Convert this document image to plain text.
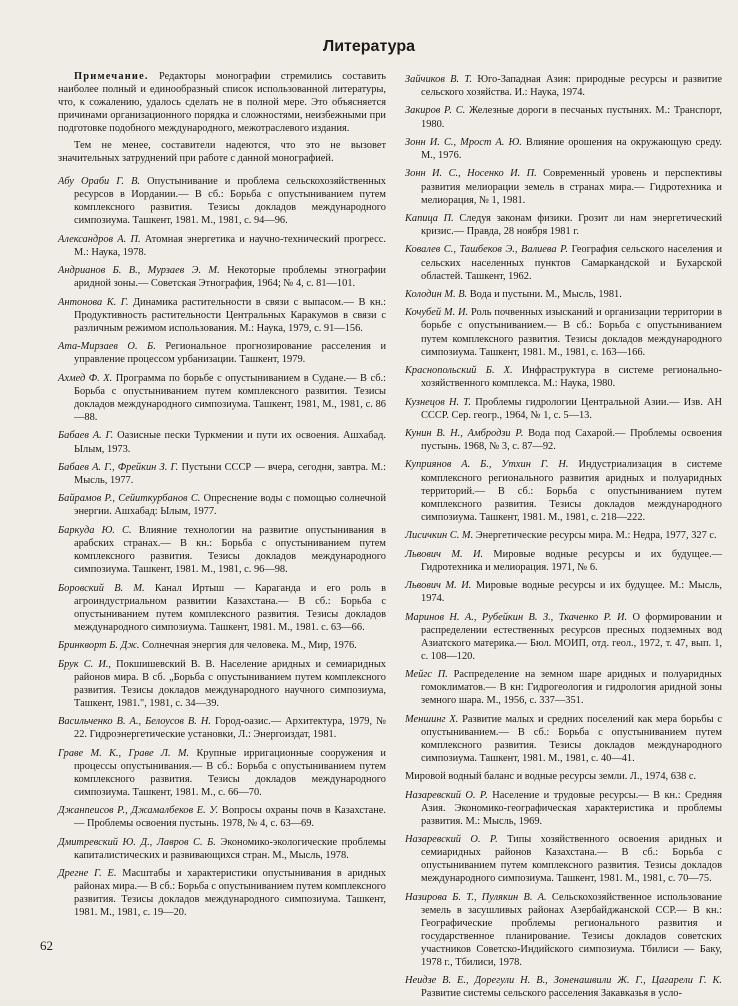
Литература

Примечание. Редакторы монографии стремились составить наиболее полный и единообразный список использованной литературы, что, к сожалению, удалось сделать не в полной мере. Это объясняется причинами организационного порядка и сложностями, неизбежными при подготовке подобного международного, межотраслевого издания.

Тем не менее, составители надеются, что это не вызовет значительных затруднений при работе с данной монографией.

Абу Ораби Г. В. Опустынивание и проблема сельскохозяйственных ресурсов в Иордании.— В сб.: Борьба с опустыниванием путем комплексного развития. Тезисы докладов международного симпозиума. Ташкент, 1981. М., 1981, с. 94—96.

Александров А. П. Атомная энергетика и научно-технический прогресс. М.: Наука, 1978.

Андрианов Б. В., Мурзаев Э. М. Некоторые проблемы этнографии аридной зоны.— Советская Этнография, 1964; № 4, с. 81—101.

Антонова К. Г. Динамика растительности в связи с выпасом.— В кн.: Продуктивность растительности Центральных Каракумов в связи с различным режимом использования. М.: Наука, 1979, с. 91—156.

Ата-Мирзаев О. Б. Региональное прогнозирование расселения и управление процессом урбанизации. Ташкент, 1979.

Ахмед Ф. Х. Программа по борьбе с опустыниванием в Судане.— В сб.: Борьба с опустыниванием путем комплексного развития. Тезисы докладов международного симпозиума. Ташкент, 1981, М., 1981, с. 86—88.

Бабаев А. Г. Оазисные пески Туркмении и пути их освоения. Ашхабад. Ылым, 1973.

Бабаев А. Г., Фрейкин З. Г. Пустыни СССР — вчера, сегодня, завтра. М.: Мысль, 1977.

Байрамов Р., Сейиткурбанов С. Опреснение воды с помощью солнечной энергии. Ашхабад: Ылым, 1977.

Баркуда Ю. С. Влияние технологии на развитие опустынивания в арабских странах.— В кн.: Борьба с опустыниванием путем комплексного развития. Тезисы докладов международного симпозиума. Ташкент, 1981. М., 1981, с. 96—98.

Боровский В. М. Канал Иртыш — Караганда и его роль в агроиндустриальном развитии Казахстана.— В сб.: Борьба с опустыниванием путем комплексного развития. Тезисы докладов международного симпозиума. Ташкент, 1981. М., 1981. с. 63—66.

Бринкворт Б. Дж. Солнечная энергия для человека. М., Мир, 1976.

Брук С. И., Покшишевский В. В. Население аридных и семиаридных районов мира. В сб. „Борьба с опустыниванием путем комплексного развития. Тезисы докладов международного научного симпозиума, Ташкент, 1981.", 1981, с. 34—39.

Васильченко В. А., Белоусов В. Н. Город-оазис.— Архитектура, 1979, № 22. Гидроэнергетические установки, Л.: Энергоиздат, 1981.

Граве М. К., Граве Л. М. Крупные ирригационные сооружения и процессы опустынивания.— В сб.: Борьба с опустыниванием путем комплексного развития. Тезисы докладов международного симпозиума. Ташкент, 1981. М., с. 66—70.

Джанпеисов Р., Джамалбеков Е. У. Вопросы охраны почв в Казахстане.— Проблемы освоения пустынь. 1978, № 4, с. 63—69.

Дмитревский Ю. Д., Лавров С. Б. Экономико-экологические проблемы капиталистических и развивающихся стран. М., Мысль, 1978.

Дрегне Г. Е. Масштабы и характеристики опустынивания в аридных районах мира.— В сб.: Борьба с опустыниванием путем комплексного развития. Тезисы докладов международного симпозиума. Ташкент, 1981. М., 1981, с. 19—20.

Зайчиков В. Т. Юго-Западная Азия: природные ресурсы и развитие сельского хозяйства. И.: Наука, 1974.

Закиров Р. С. Железные дороги в песчаных пустынях. М.: Транспорт, 1980.

Зонн И. С., Мрост А. Ю. Влияние орошения на окружающую среду. М., 1976.

Зонн И. С., Носенко И. П. Современный уровень и перспективы развития мелиорации земель в странах мира.— Гидротехника и мелиорация, № 1, 1981.

Капица П. Следуя законам физики. Грозит ли нам энергетический кризис.— Правда, 28 ноября 1981 г.

Ковалев С., Ташбеков Э., Валиева Р. География сельского населения и сельских населенных пунктов Самаркандской и Бухарской областей. Ташкент, 1962.

Колодин М. В. Вода и пустыни. М., Мысль, 1981.

Кочубей М. И. Роль почвенных изысканий и организации территории в борьбе с опустыниванием.— В сб.: Борьба с опустыниванием путем комплексного развития. Тезисы докладов международного симпозиума. Ташкент, 1981. М., 1981, с. 163—166.

Краснопольский Б. Х. Инфраструктура в системе регионально-хозяйственного комплекса. М.: Наука, 1980.

Кузнецов Н. Т. Проблемы гидрологии Центральной Азии.— Изв. АН СССР. Сер. геогр., 1964, № 1, с. 5—13.

Кунин В. Н., Амбродзи Р. Вода под Сахарой.— Проблемы освоения пустынь. 1968, № 3, с. 87—92.

Куприянов А. Б., Утхин Г. Н. Индустриализация в системе комплексного регионального развития аридных и полуаридных территорий.— В сб.: Борьба с опустыниванием путем комплексного развития. Тезисы докладов международного симпозиума. Ташкент, 1981. М., 1981, с. 218—222.

Лисичкин С. М. Энергетические ресурсы мира. М.: Недра, 1977, 327 с.

Львович М. И. Мировые водные ресурсы и их будущее.— Гидротехника и мелиорация. 1971, № 6.

Львович М. И. Мировые водные ресурсы и их будущее. М.: Мысль, 1974.

Маринов Н. А., Рубейкин В. З., Ткаченко Р. И. О формировании и распределении естественных ресурсов пресных подземных вод Азиатского материка.— Бюл. МОИП, отд. геол., 1972, т. 47, вып. 1, с. 108—120.

Мейгс П. Распределение на земном шаре аридных и полуаридных гомоклиматов.— В кн: Гидрогеология и гидрология аридной зоны земного шара. М., 1956, с. 337—351.

Меншинг Х. Развитие малых и средних поселений как мера борьбы с опустыниванием.— В сб.: Борьба с опустыниванием путем комплексного развития. Тезисы докладов международного симпозиума. Ташкент, 1981. М., 1981, с. 40—41.

Мировой водный баланс и водные ресурсы земли. Л., 1974, 638 с.

Назаревский О. Р. Население и трудовые ресурсы.— В кн.: Средняя Азия. Экономико-географическая характеристика и проблемы развития. М.: Мысль, 1969.

Назаревский О. Р. Типы хозяйственного освоения аридных и семиаридных районов Казахстана.— В сб.: Борьба с опустыниванием путем комплексного развития. Тезисы докладов международного симпозиума. Ташкент, 1981. М., 1981, с. 70—75.

Назирова Б. Т., Пулякин В. А. Сельскохозяйственное использование земель в засушливых районах Азербайджанской ССР.— В кн.: Географические проблемы регионального развития и государственное планирование. Тезисы докладов советских участников Советско-Индийского симпозиума. Тбилиси — Баку, 1978 г., Тбилиси, 1978.

Неидзе В. Е., Дорегули Н. В., Зоненашвили Ж. Г., Цагарели Г. К. Развитие системы сельского расселения Закавказья в усло-

62
